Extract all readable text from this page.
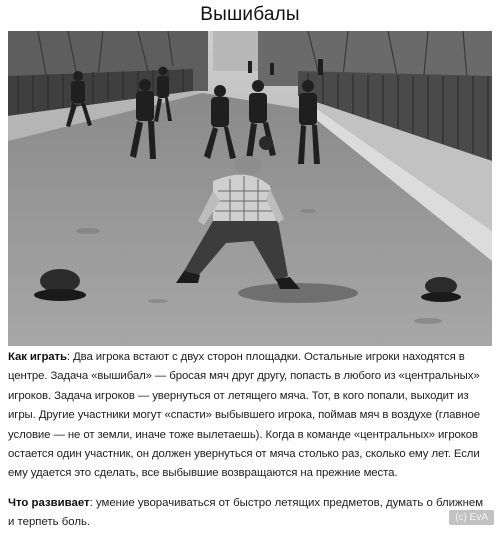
Вышибалы

Как играть: Два игрока встают с двух сторон площадки. Остальные игроки находятся в центре. Задача «вышибал» — бросая мяч друг другу, попасть в любого из «центральных» игроков. Задача игроков — увернуться от летящего мяча. Тот, в кого попали, выходит из игры. Другие участники могут «спасти» выбывшего игрока, поймав мяч в воздухе (главное условие — не от земли, иначе тоже вылетаешь). Когда в команде «центральных» игроков остается один участник, он должен увернуться от мяча столько раз, сколько ему лет. Если ему удается это сделать, все выбывшие возвращаются на прежние места.

Что развивает: умение уворачиваться от быстро летящих предметов, думать о ближнем и терпеть боль.	(c) EvA
